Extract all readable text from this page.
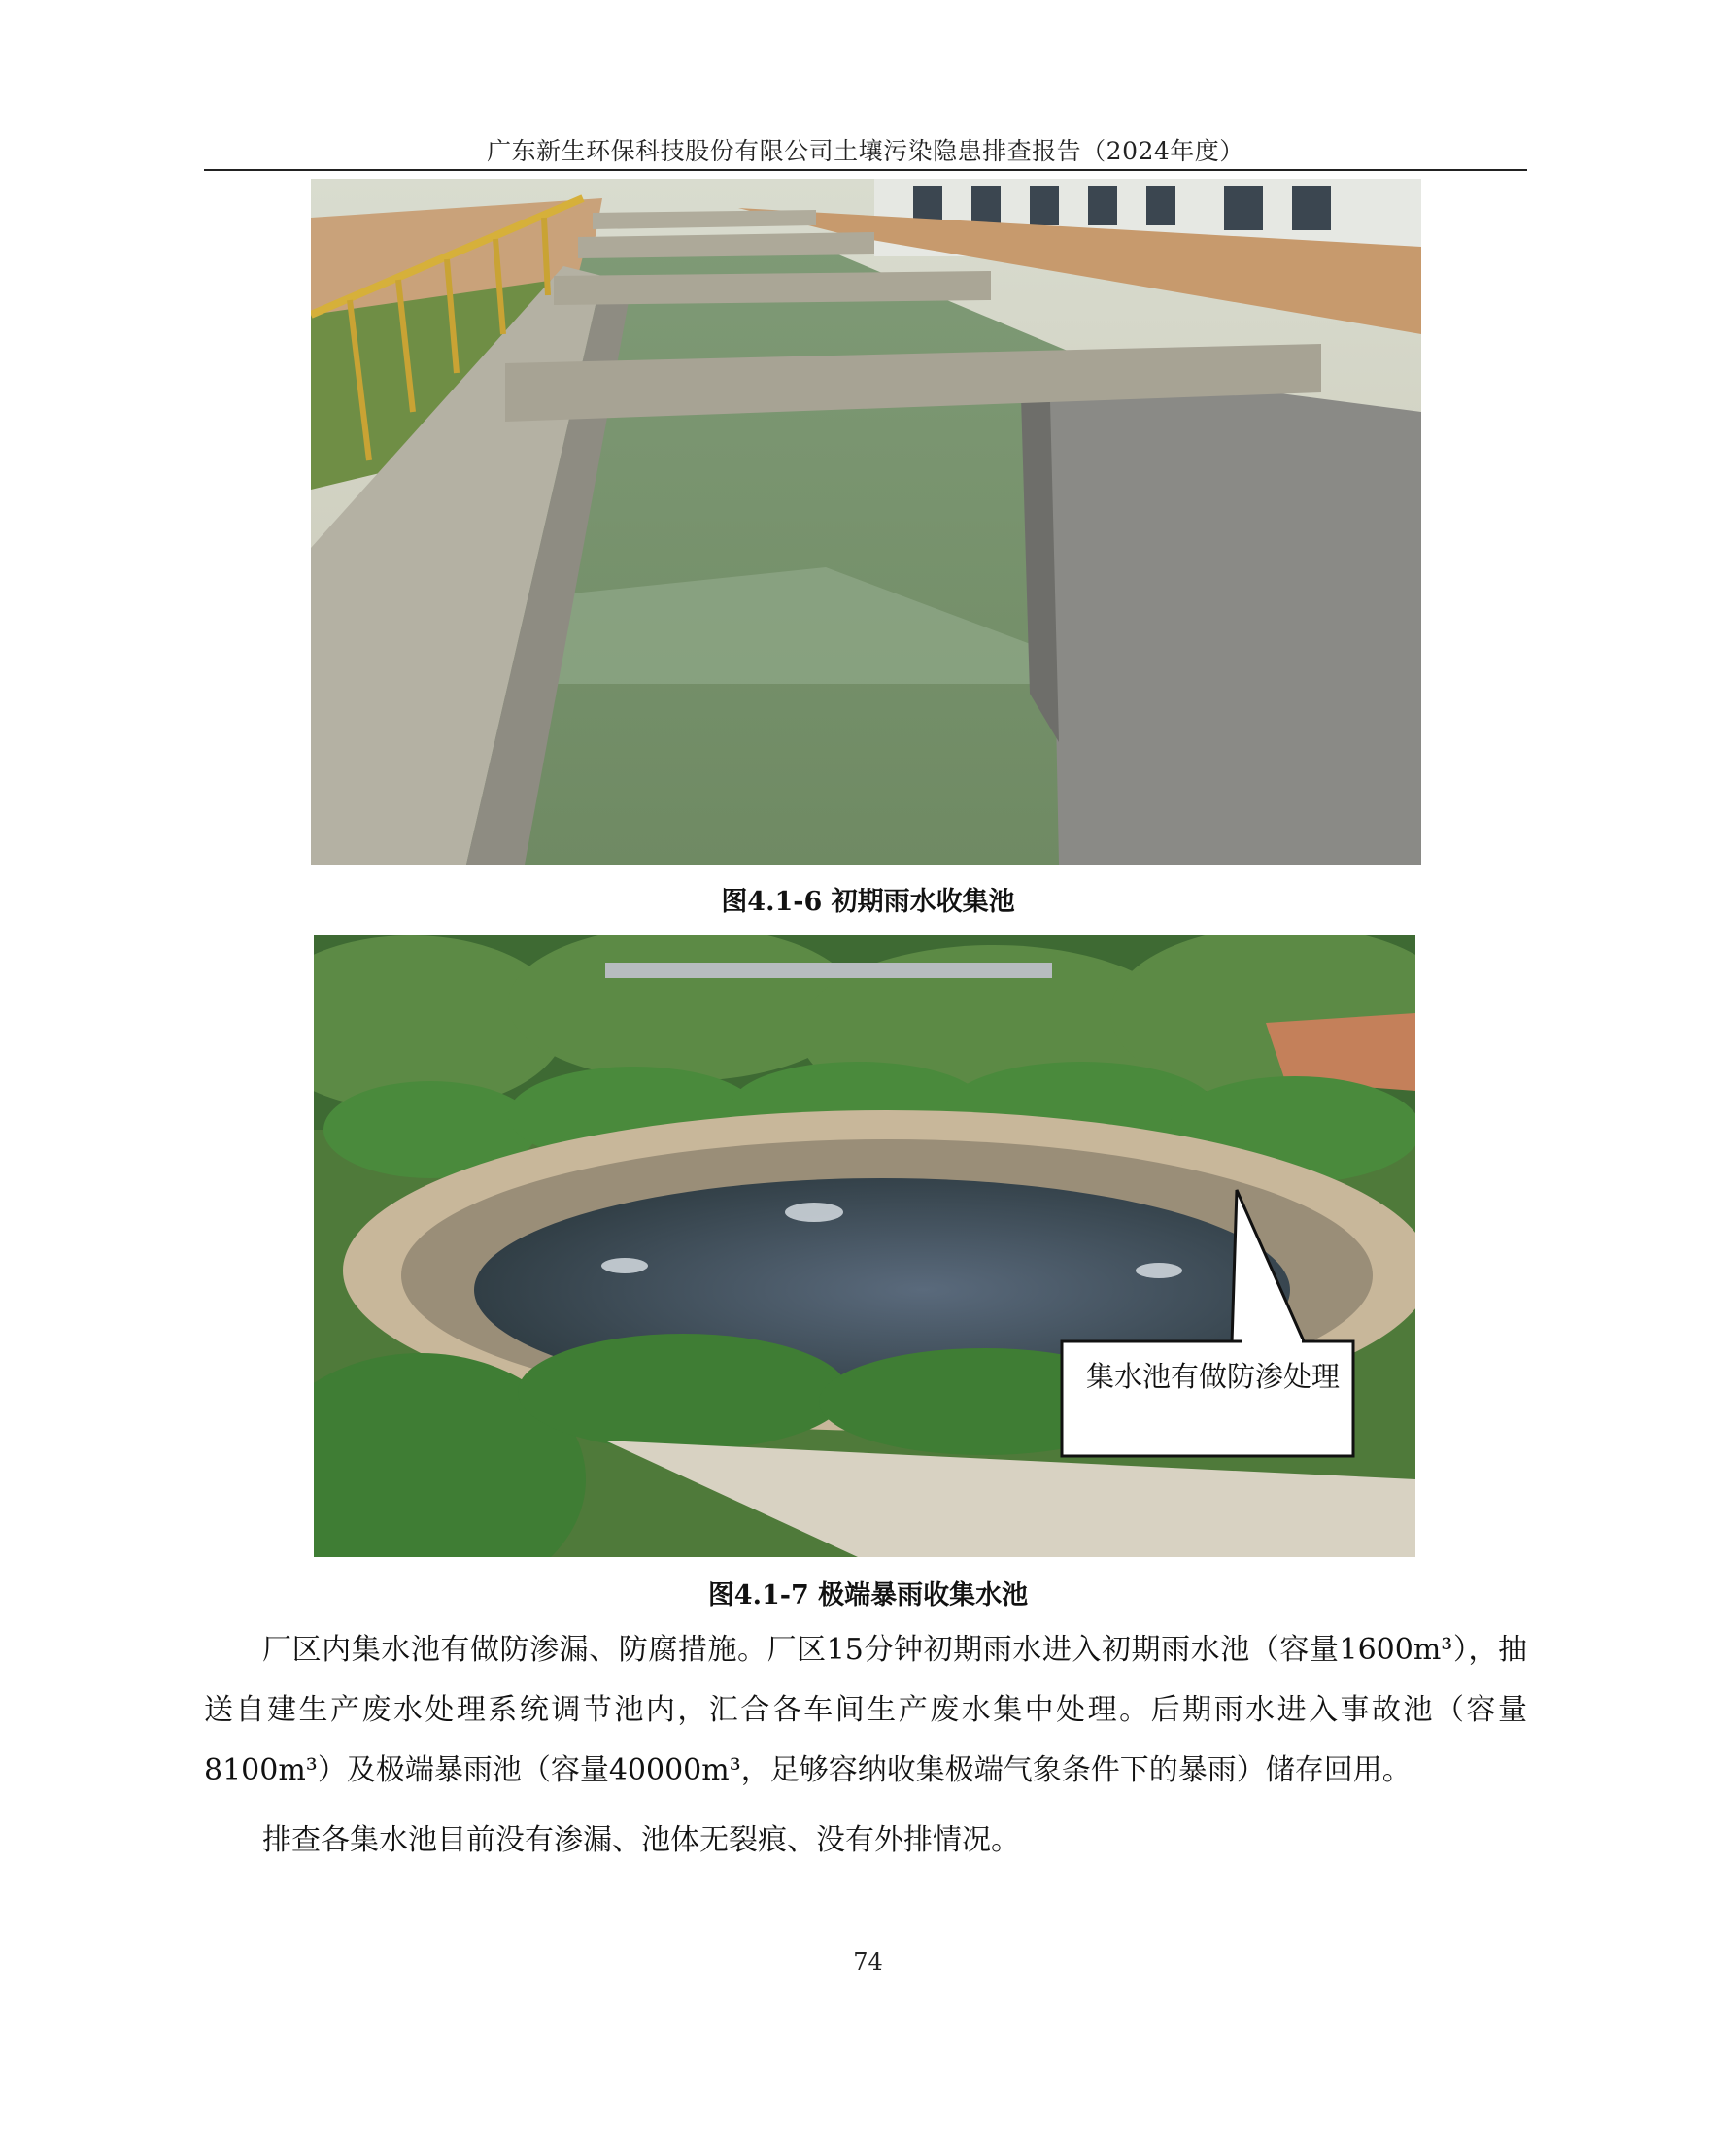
广东新生环保科技股份有限公司土壤污染隐患排查报告（2024年度）
图4.1-6 初期雨水收集池
集水池有做防渗处理
图4.1-7 极端暴雨收集水池

厂区内集水池有做防渗漏、防腐措施。厂区15分钟初期雨水进入初期雨水池（容量1600m³），抽送自建生产废水处理系统调节池内，汇合各车间生产废水集中处理。后期雨水进入事故池（容量8100m³）及极端暴雨池（容量40000m³，足够容纳收集极端气象条件下的暴雨）储存回用。

排查各集水池目前没有渗漏、池体无裂痕、没有外排情况。

74
